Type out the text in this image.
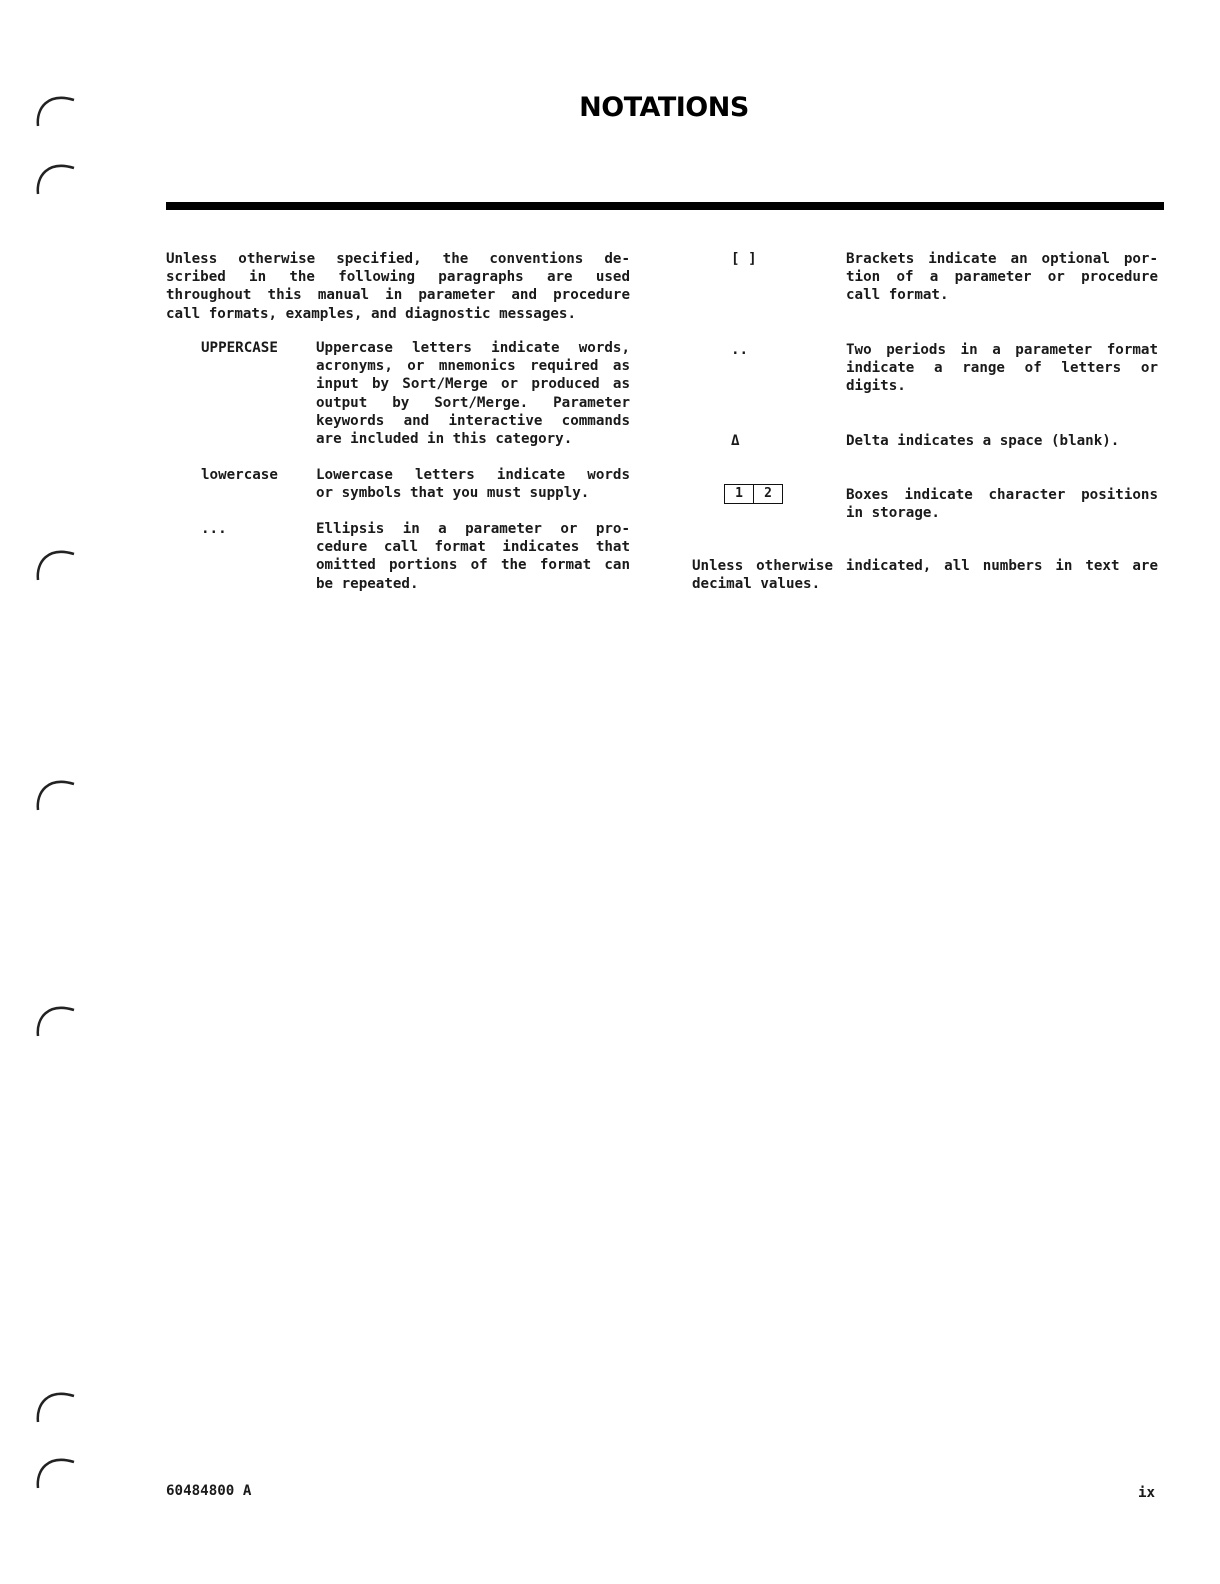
NOTATIONS
Unless otherwise specified, the conventions de-
scribed in the following paragraphs are used
throughout this manual in parameter and procedure
call formats, examples, and diagnostic messages.
UPPERCASE	Uppercase letters indicate words,
acronyms, or mnemonics required as
input by Sort/Merge or produced as
output by Sort/Merge. Parameter
keywords and interactive commands
are included in this category.
lowercase	Lowercase letters indicate words
or symbols that you must supply.
...	Ellipsis in a parameter or pro-
cedure call format indicates that
omitted portions of the format can
be repeated.
[ ]	Brackets indicate an optional por-
tion of a parameter or procedure
call format.
..	Two periods in a parameter format
indicate a range of letters or
digits.
Δ	Delta indicates a space (blank).
1	2	Boxes indicate character positions
in storage.
Unless otherwise indicated, all numbers in text are
decimal values.
60484800 A	ix
